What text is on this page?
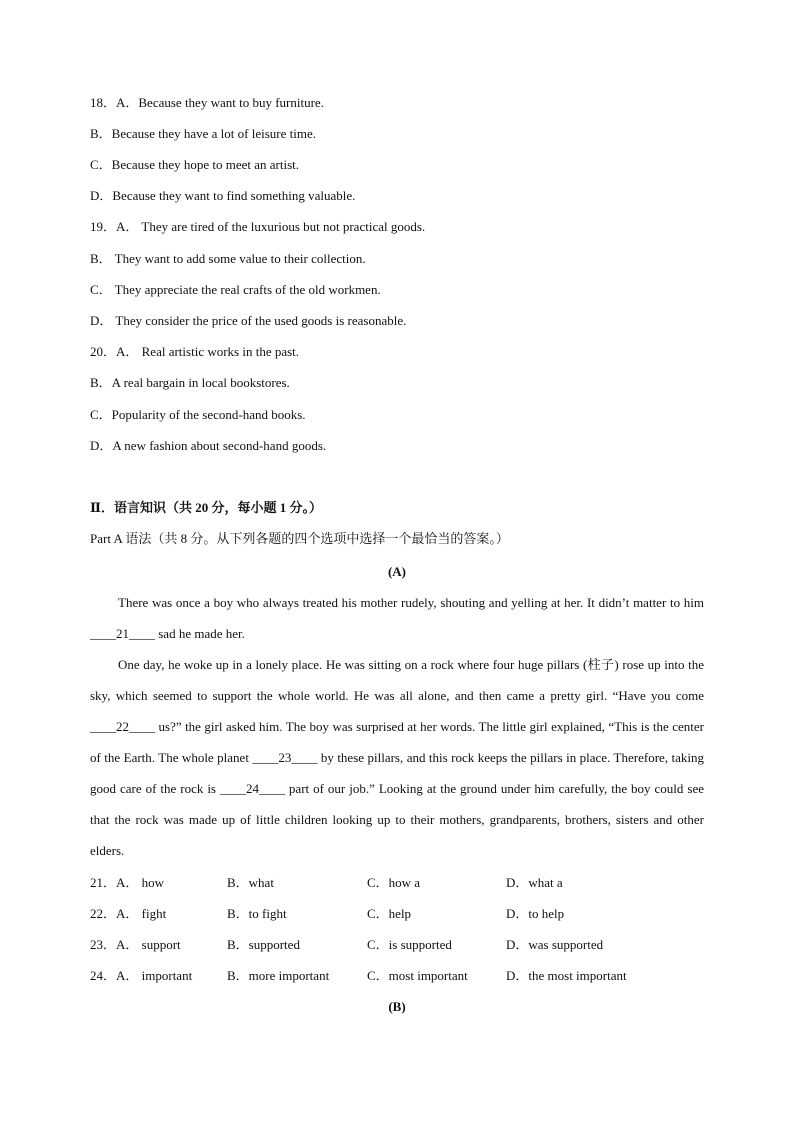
18．A．Because they want to buy furniture.
B．Because they have a lot of leisure time.
C．Because they hope to meet an artist.
D．Because they want to find something valuable.
19．A． They are tired of the luxurious but not practical goods.
B． They want to add some value to their collection.
C． They appreciate the real crafts of the old workmen.
D． They consider the price of the used goods is reasonable.
20．A． Real artistic works in the past.
B．A real bargain in local bookstores.
C．Popularity of the second-hand books.
D．A new fashion about second-hand goods.
Ⅱ．语言知识（共 20 分，每小题 1 分。）
Part A 语法（共 8 分。从下列各题的四个选项中选择一个最恰当的答案。）
(A)

There was once a boy who always treated his mother rudely, shouting and yelling at her. It didn’t matter to him ____21____ sad he made her.

One day, he woke up in a lonely place. He was sitting on a rock where four huge pillars (柱子) rose up into the sky, which seemed to support the whole world. He was all alone, and then came a pretty girl. “Have you come ____22____ us?” the girl asked him. The boy was surprised at her words. The little girl explained, “This is the center of the Earth. The whole planet ____23____ by these pillars, and this rock keeps the pillars in place. Therefore, taking good care of the rock is ____24____ part of our job.” Looking at the ground under him carefully, the boy could see that the rock was made up of little children looking up to their mothers, grandparents, brothers, sisters and other elders.

21．A． how	B．what	C．how a	D．what a
22．A． fight	B．to fight	C．help	D．to help
23．A． support	B．supported	C．is supported	D．was supported
24．A． important	B．more important	C．most important	D．the most important
(B)
